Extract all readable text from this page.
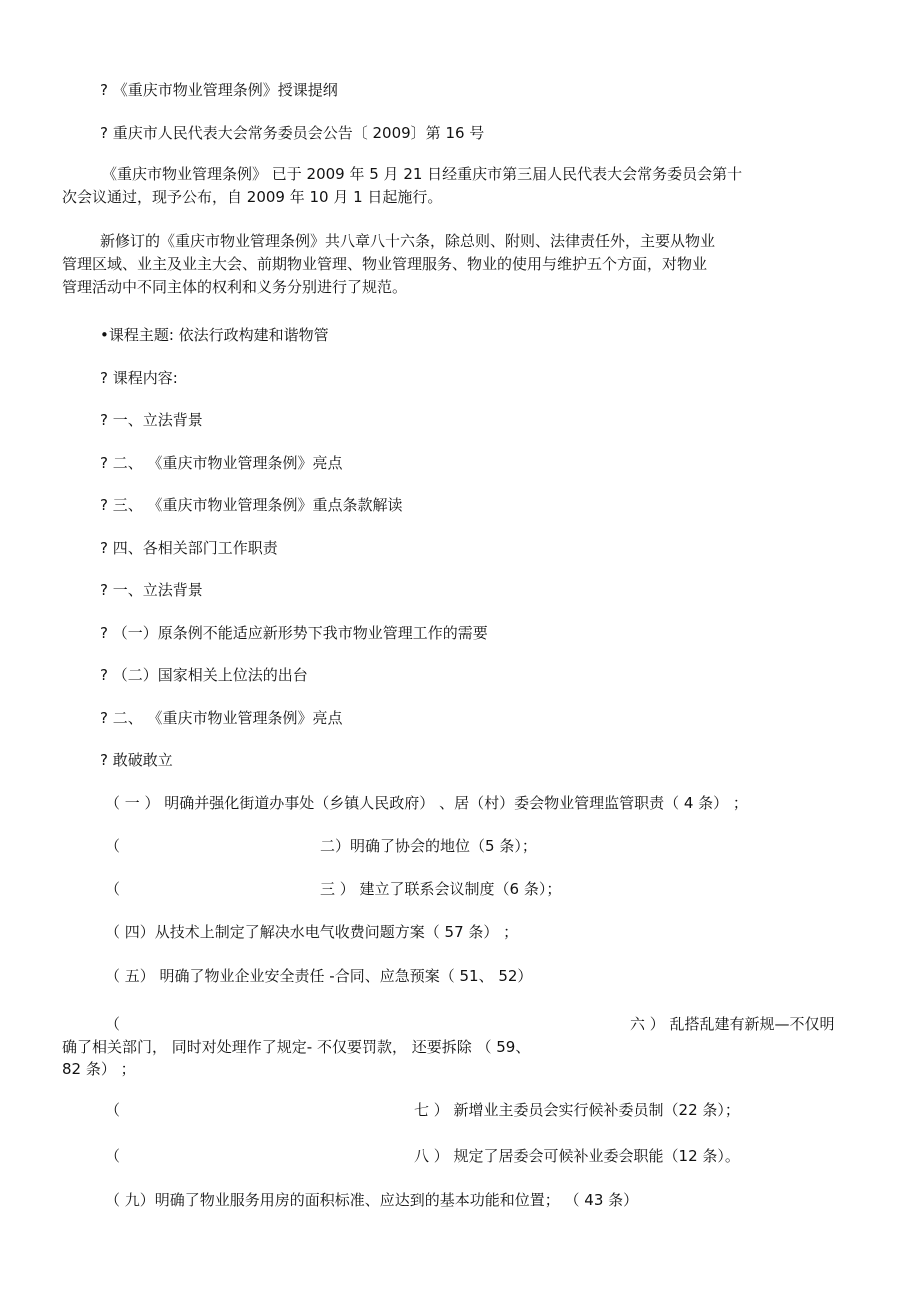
? 《重庆市物业管理条例》授课提纲
? 重庆市人民代表大会常务委员会公告〔 2009〕第 16 号
《重庆市物业管理条例》 已于 2009 年 5 月 21 日经重庆市第三届人民代表大会常务委员会第十
次会议通过，现予公布，自 2009 年 10 月 1 日起施行。
新修订的《重庆市物业管理条例》共八章八十六条，除总则、附则、法律责任外，主要从物业
管理区域、业主及业主大会、前期物业管理、物业管理服务、物业的使用与维护五个方面，对物业
管理活动中不同主体的权利和义务分别进行了规范。
•课程主题: 依法行政构建和谐物管
? 课程内容:
? 一、立法背景
? 二、 《重庆市物业管理条例》亮点
? 三、 《重庆市物业管理条例》重点条款解读
? 四、各相关部门工作职责
? 一、立法背景
? （一）原条例不能适应新形势下我市物业管理工作的需要
? （二）国家相关上位法的出台
? 二、 《重庆市物业管理条例》亮点
? 敢破敢立
（ 一 ） 明确并强化街道办事处（乡镇人民政府） 、居（村）委会物业管理监管职责（ 4 条） ；
（	二）明确了协会的地位（5 条）；
（	三 ） 建立了联系会议制度（6 条）；
（ 四）从技术上制定了解决水电气收费问题方案（ 57 条） ；
（ 五） 明确了物业企业安全责任 -合同、应急预案（ 51、 52）
（	六 ） 乱搭乱建有新规—不仅明
确了相关部门， 同时对处理作了规定- 不仅要罚款， 还要拆除 （ 59、
82 条） ；
（	七 ） 新增业主委员会实行候补委员制（22 条）；
（	八 ） 规定了居委会可候补业委会职能（12 条）。
（ 九）明确了物业服务用房的面积标准、应达到的基本功能和位置； （ 43 条）
